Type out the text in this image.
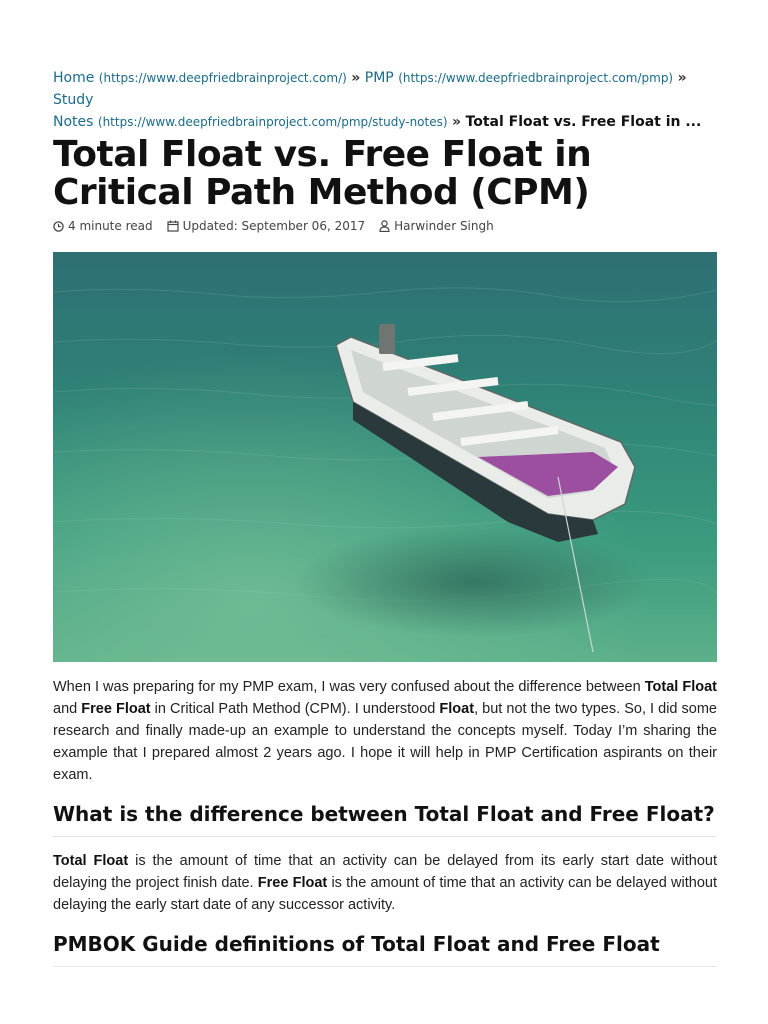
Home (https://www.deepfriedbrainproject.com/) » PMP (https://www.deepfriedbrainproject.com/pmp) » Study
Notes (https://www.deepfriedbrainproject.com/pmp/study-notes) » Total Float vs. Free Float in ...
Total Float vs. Free Float in Critical Path Method (CPM)
4 minute read	Updated: September 06, 2017 Harwinder Singh

When I was preparing for my PMP exam, I was very confused about the difference between Total Float and Free Float in Critical Path Method (CPM). I understood Float, but not the two types. So, I did some research and finally made-up an example to understand the concepts myself. Today I’m sharing the example that I prepared almost 2 years ago. I hope it will help in PMP Certification aspirants on their exam.

What is the difference between Total Float and Free Float?

Total Float is the amount of time that an activity can be delayed from its early start date without delaying the project finish date. Free Float is the amount of time that an activity can be delayed without delaying the early start date of any successor activity.

PMBOK Guide definitions of Total Float and Free Float
